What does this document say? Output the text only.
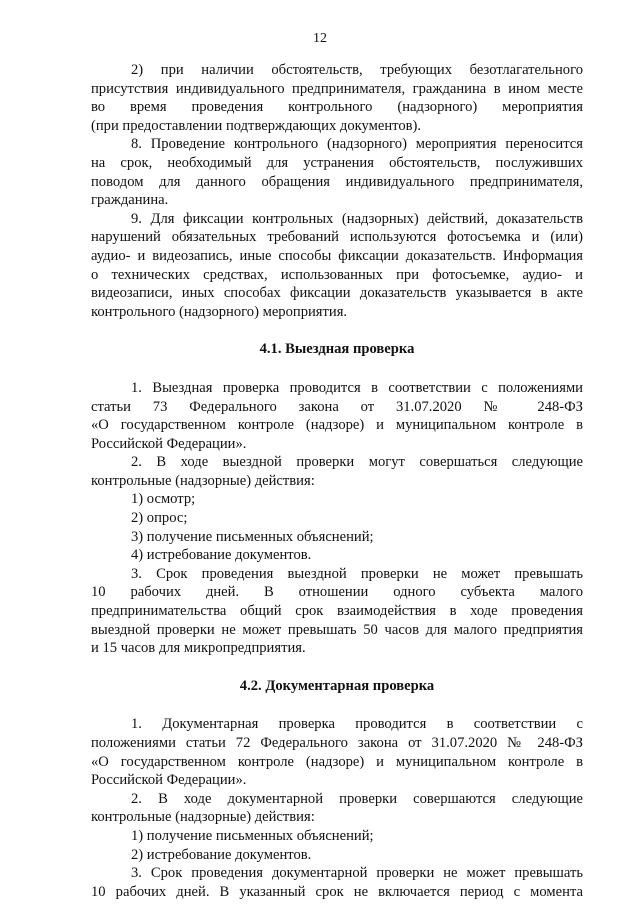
12

2) при наличии обстоятельств, требующих безотлагательного

присутствия индивидуального предпринимателя, гражданина в ином месте

во время проведения контрольного (надзорного) мероприятия

(при предоставлении подтверждающих документов).

8. Проведение контрольного (надзорного) мероприятия переносится

на срок, необходимый для устранения обстоятельств, послуживших

поводом для данного обращения индивидуального предпринимателя,

гражданина.

9. Для фиксации контрольных (надзорных) действий, доказательств

нарушений обязательных требований используются фотосъемка и (или)

аудио- и видеозапись, иные способы фиксации доказательств. Информация

о технических средствах, использованных при фотосъемке, аудио- и

видеозаписи, иных способах фиксации доказательств указывается в акте

контрольного (надзорного) мероприятия.

4.1. Выездная проверка

1. Выездная проверка проводится в соответствии с положениями

статьи 73 Федерального закона от 31.07.2020 № 248-ФЗ

«О государственном контроле (надзоре) и муниципальном контроле в

Российской Федерации».

2. В ходе выездной проверки могут совершаться следующие

контрольные (надзорные) действия:

1) осмотр;

2) опрос;

3) получение письменных объяснений;

4) истребование документов.

3. Срок проведения выездной проверки не может превышать

10 рабочих дней. В отношении одного субъекта малого

предпринимательства общий срок взаимодействия в ходе проведения

выездной проверки не может превышать 50 часов для малого предприятия

и 15 часов для микропредприятия.

4.2. Документарная проверка

1. Документарная проверка проводится в соответствии с

положениями статьи 72 Федерального закона от 31.07.2020 № 248-ФЗ

«О государственном контроле (надзоре) и муниципальном контроле в

Российской Федерации».

2. В ходе документарной проверки совершаются следующие

контрольные (надзорные) действия:

1) получение письменных объяснений;

2) истребование документов.

3. Срок проведения документарной проверки не может превышать

10 рабочих дней. В указанный срок не включается период с момента
